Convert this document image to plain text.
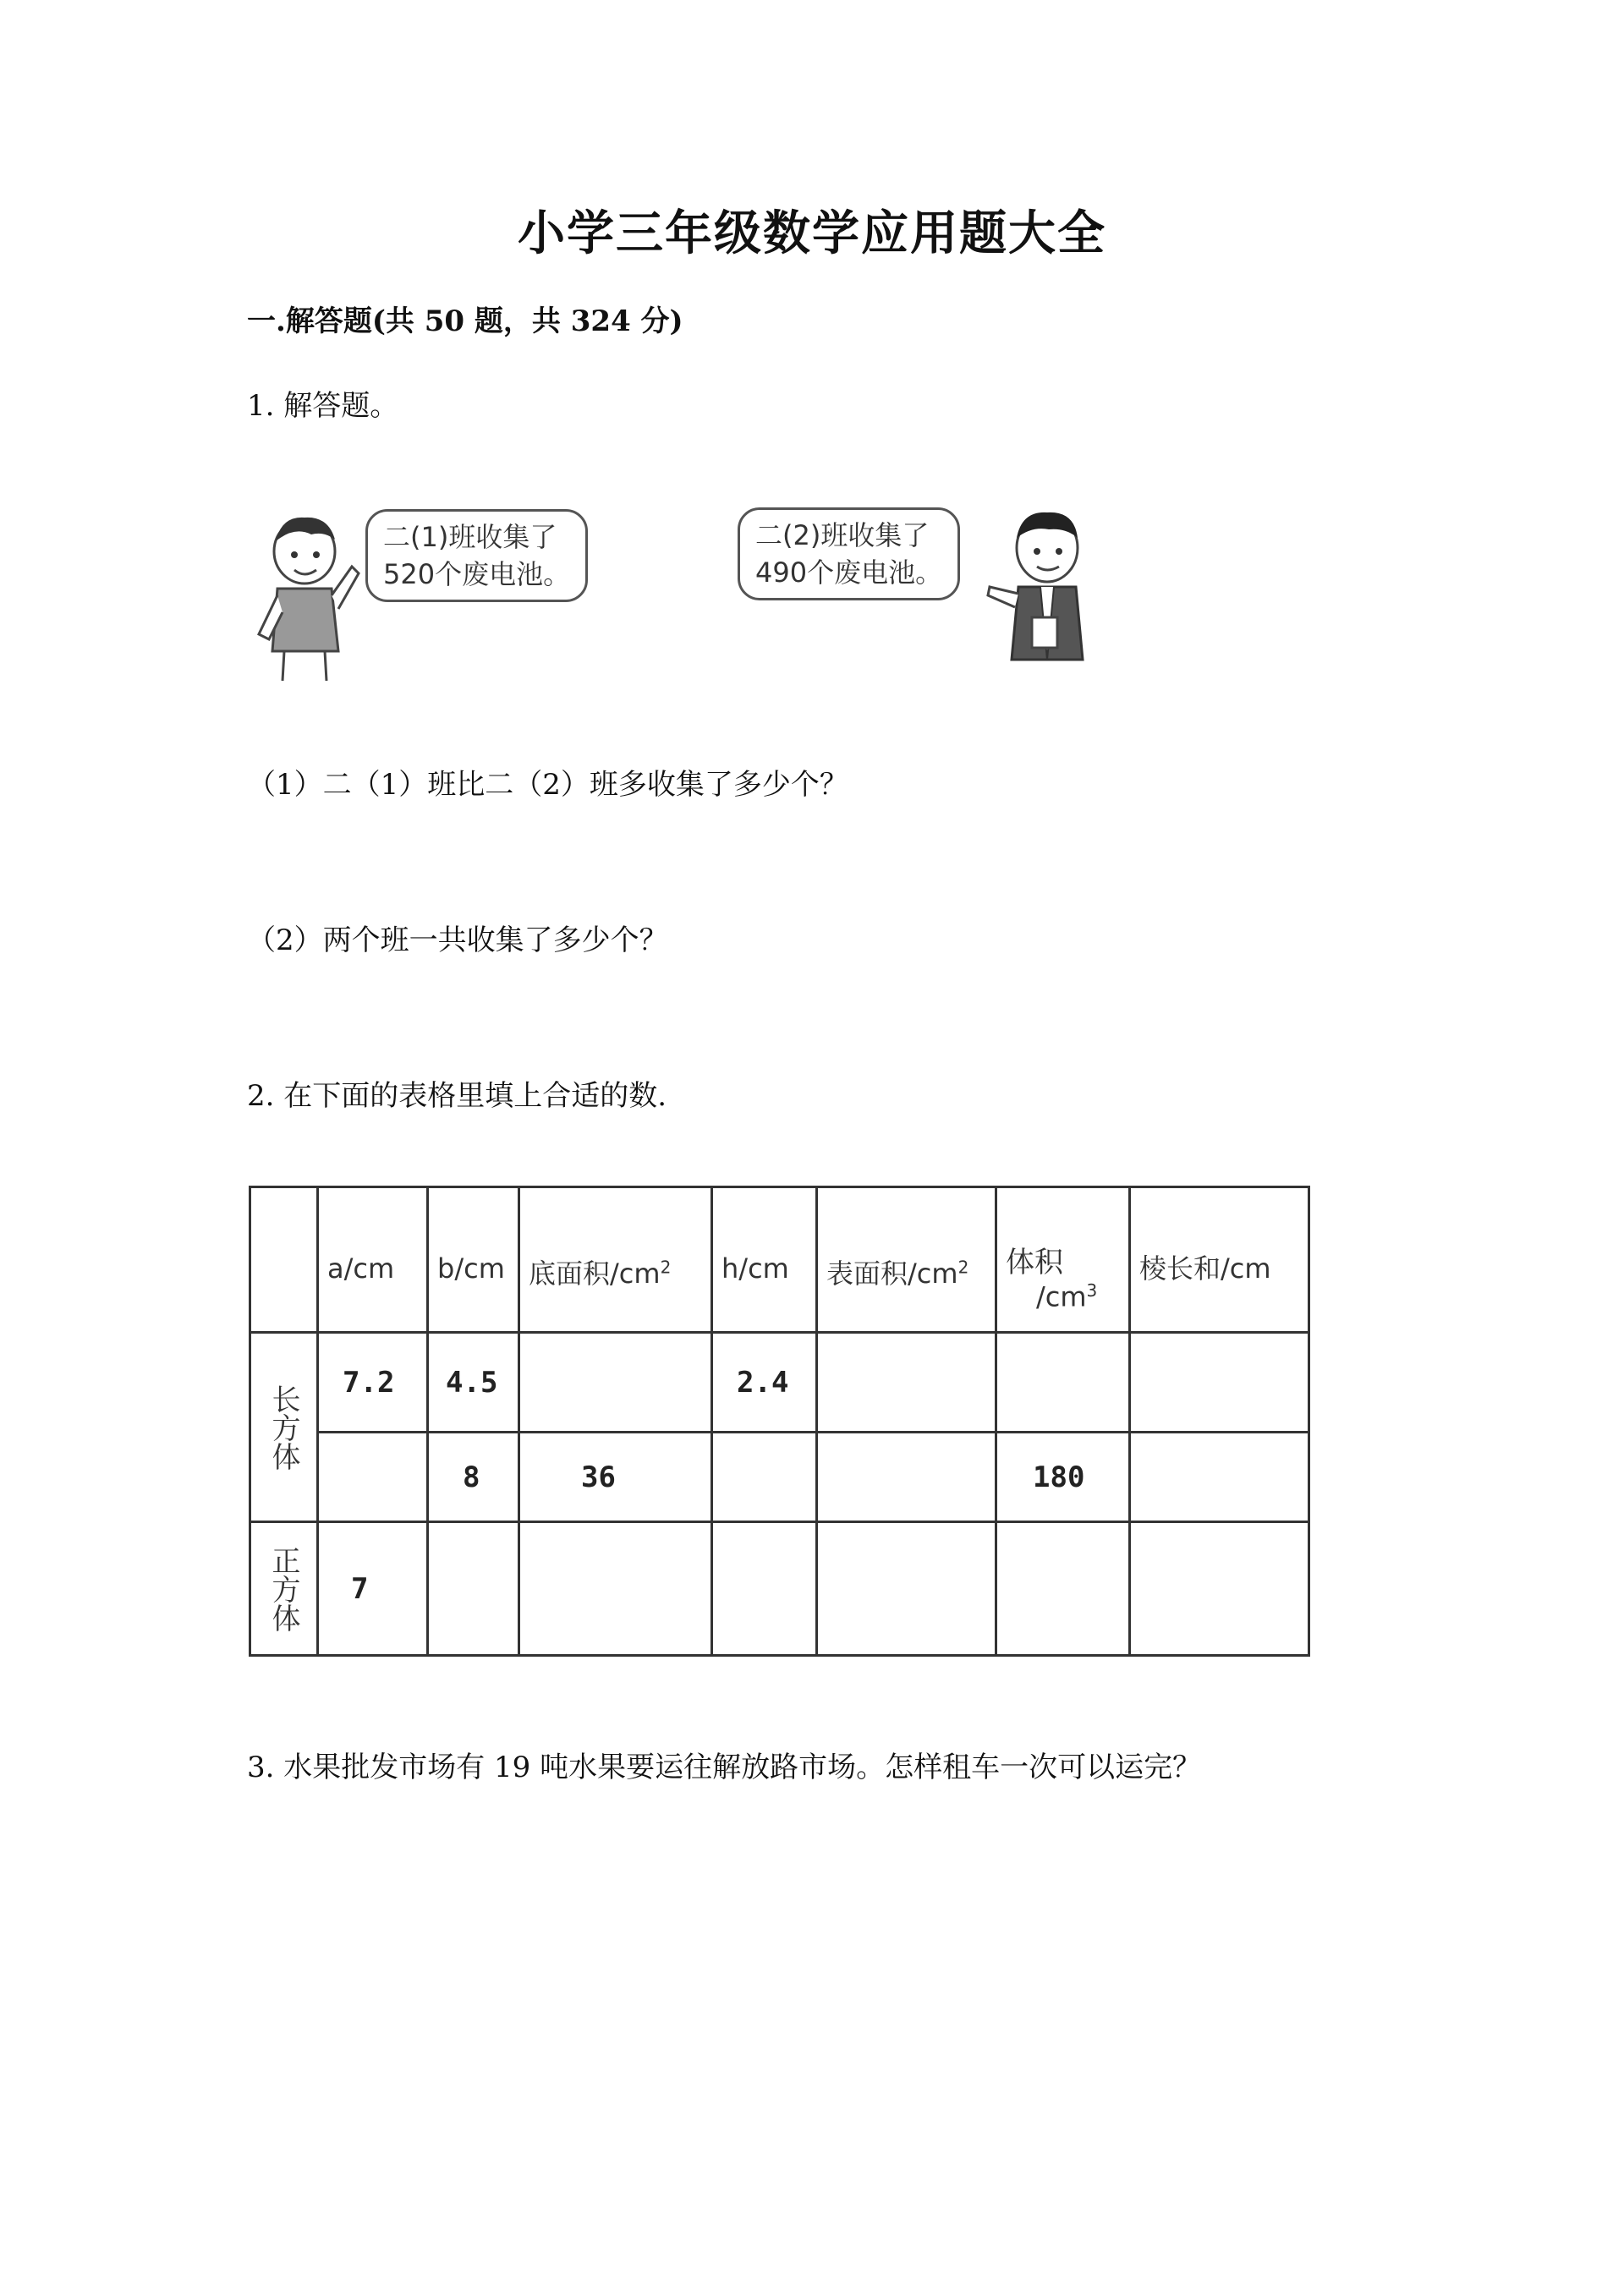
小学三年级数学应用题大全
一.解答题(共 50 题，共 324 分)
1. 解答题。
二(1)班收集了
520个废电池。
二(2)班收集了
490个废电池。
（1）二（1）班比二（2）班多收集了多少个？
（2）两个班一共收集了多少个？
2. 在下面的表格里填上合适的数.

	a/cm	b/cm	底面积$/cm^2$	h/cm	表面积$/cm^2$	体积
$/cm^3$	棱长和/cm

长方体	7.2	4.5		2.4			
		8	36			180	

正方体	7						
3. 水果批发市场有 19 吨水果要运往解放路市场。怎样租车一次可以运完？
